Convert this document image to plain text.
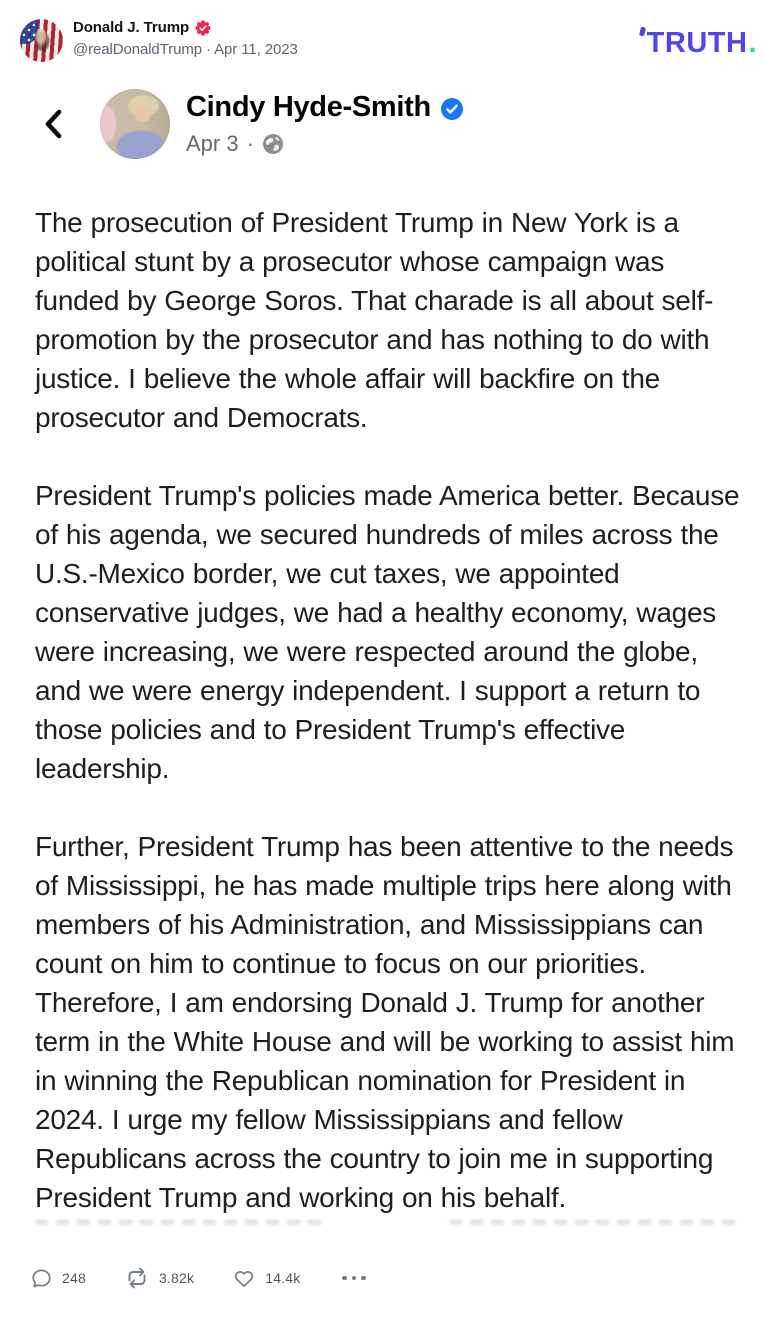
Donald J. Trump
@realDonaldTrump · Apr 11, 2023	TRUTH .
Cindy Hyde-Smith
Apr 3 ·

The prosecution of President Trump in New York is a political stunt by a prosecutor whose campaign was funded by George Soros. That charade is all about self-promotion by the prosecutor and has nothing to do with justice. I believe the whole affair will backfire on the prosecutor and Democrats.

President Trump's policies made America better. Because of his agenda, we secured hundreds of miles across the U.S.-Mexico border, we cut taxes, we appointed conservative judges, we had a healthy economy, wages were increasing, we were respected around the globe, and we were energy independent. I support a return to those policies and to President Trump's effective leadership.

Further, President Trump has been attentive to the needs of Mississippi, he has made multiple trips here along with members of his Administration, and Mississippians can count on him to continue to focus on our priorities. Therefore, I am endorsing Donald J. Trump for another term in the White House and will be working to assist him in winning the Republican nomination for President in 2024. I urge my fellow Mississippians and fellow Republicans across the country to join me in supporting President Trump and working on his behalf.

248	3.82k	14.4k
